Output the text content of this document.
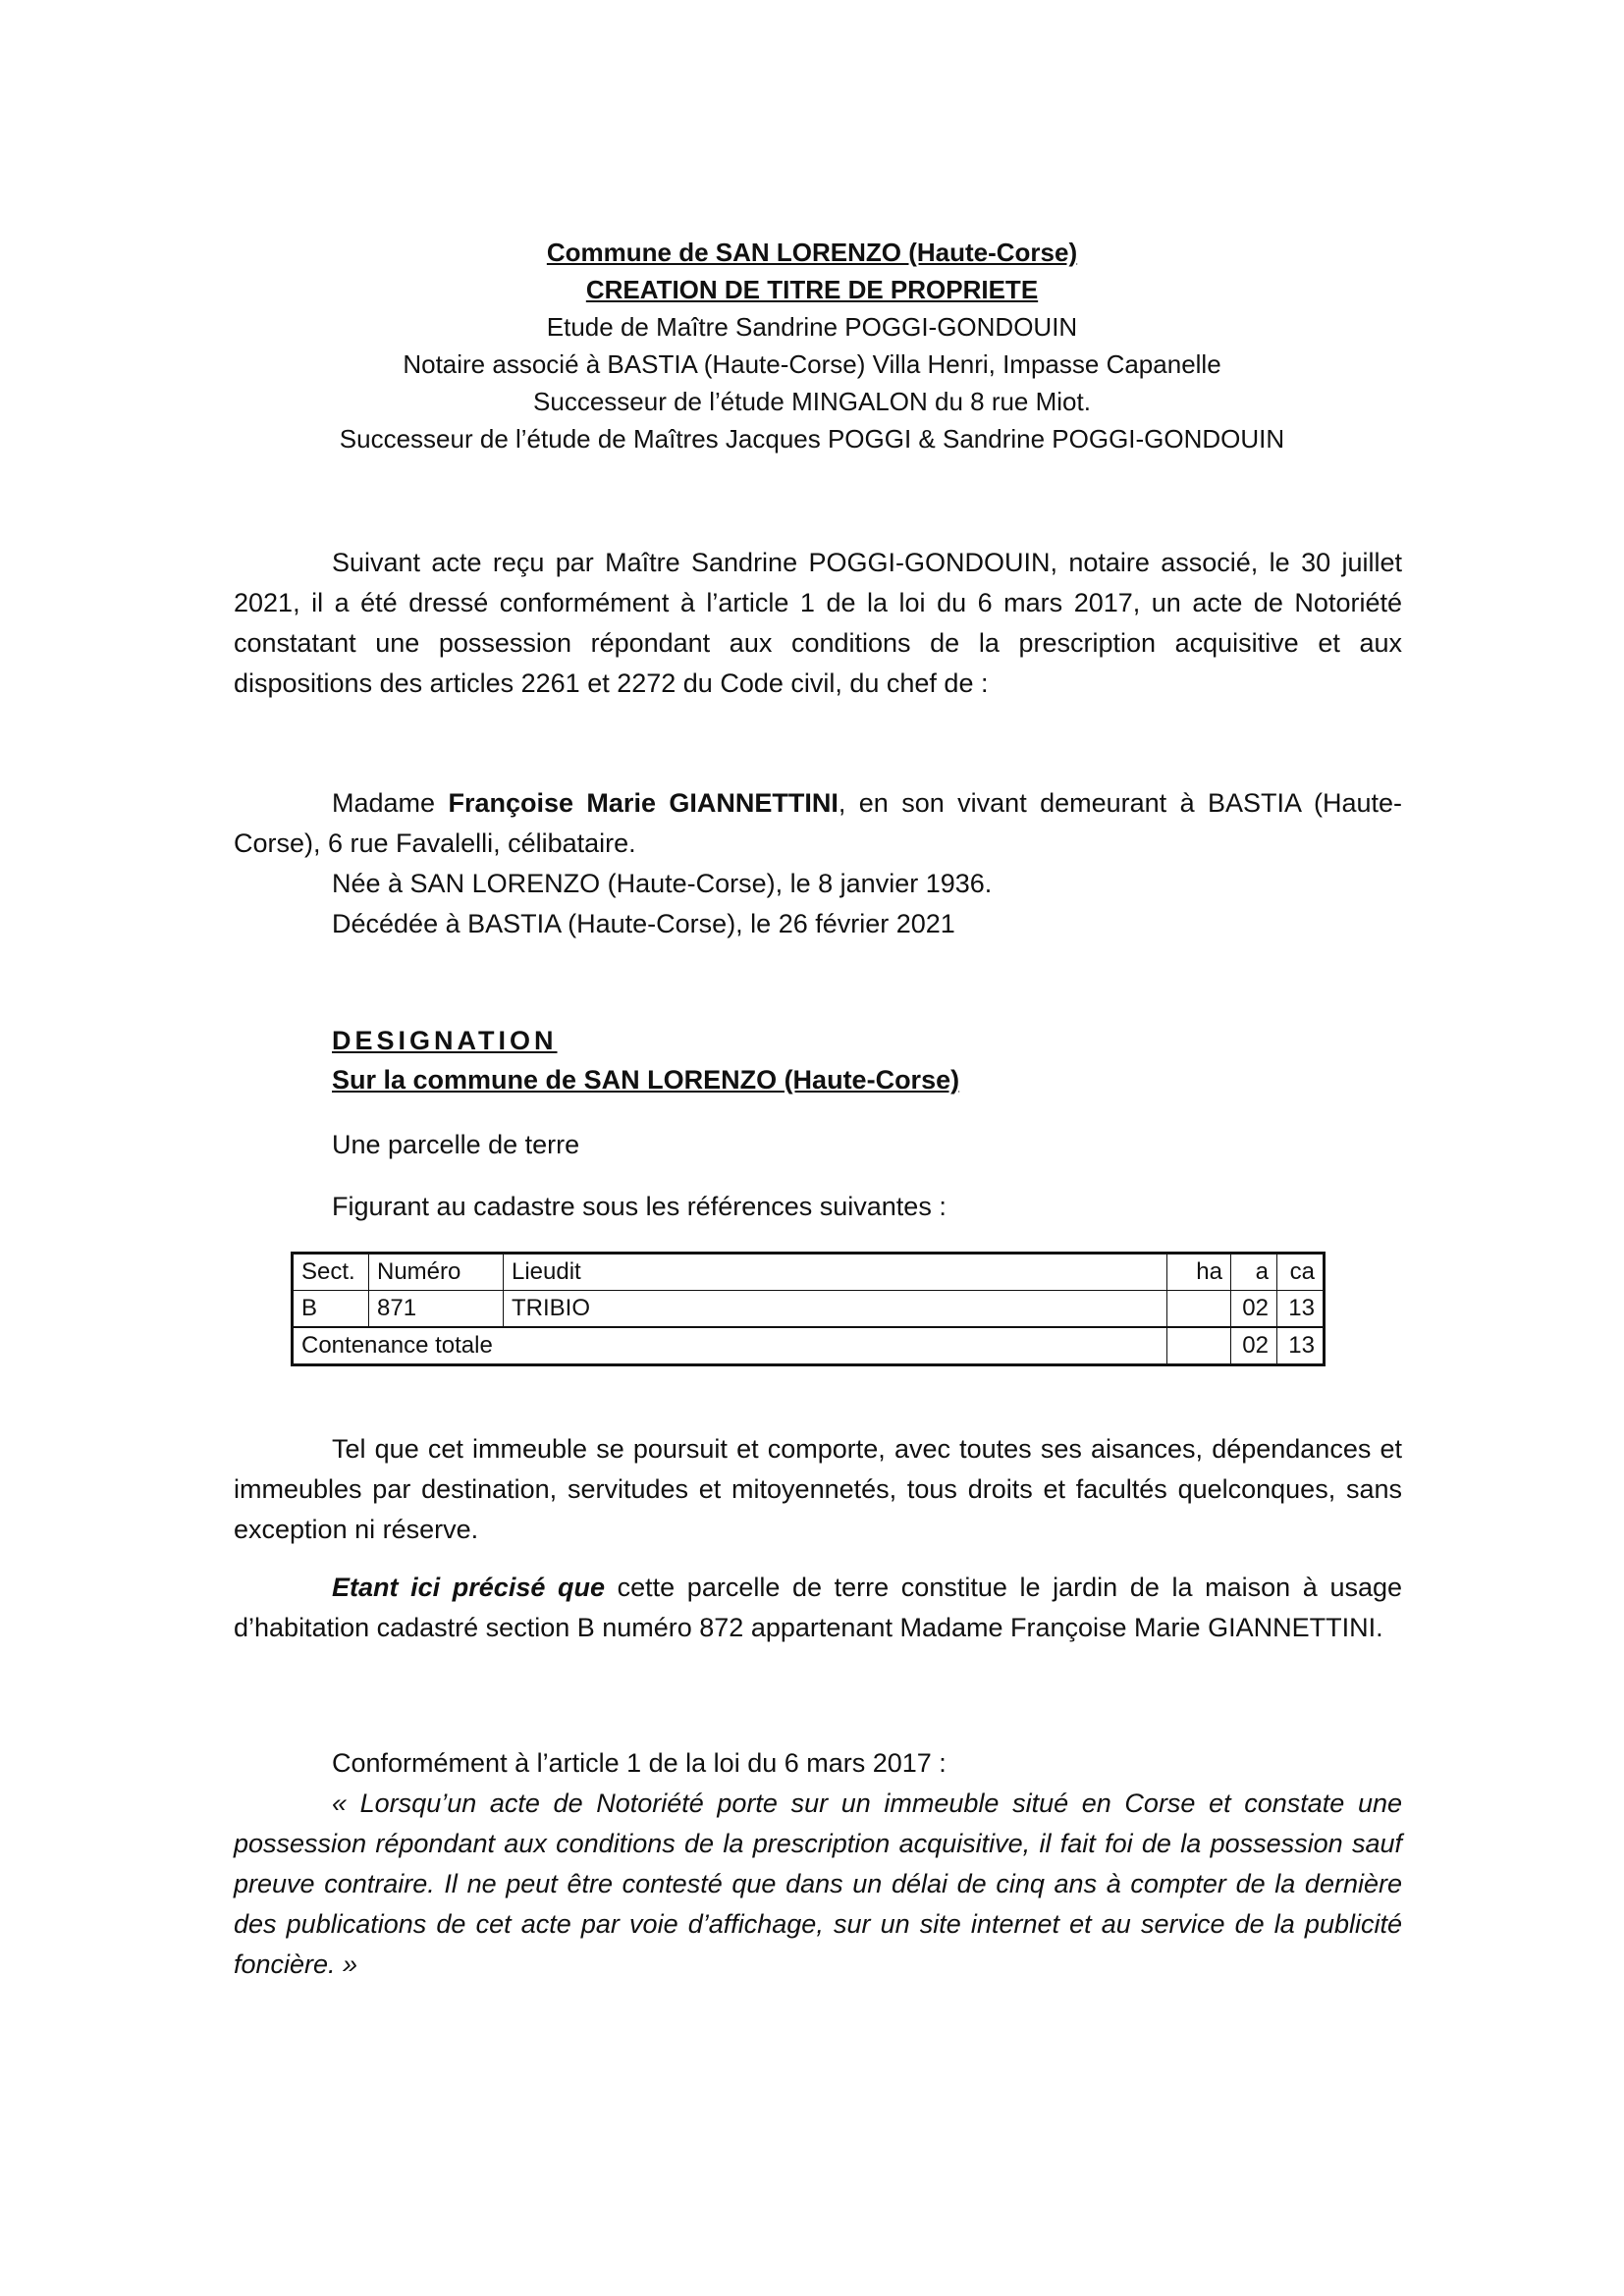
Commune de SAN LORENZO (Haute-Corse)
CREATION DE TITRE DE PROPRIETE
Etude de Maître Sandrine POGGI-GONDOUIN
Notaire associé à BASTIA (Haute-Corse) Villa Henri, Impasse Capanelle
Successeur de l’étude MINGALON du 8 rue Miot.
Successeur de l’étude de Maîtres Jacques POGGI & Sandrine POGGI-GONDOUIN
Suivant acte reçu par Maître Sandrine POGGI-GONDOUIN, notaire associé, le 30 juillet 2021, il a été dressé conformément à l’article 1 de la loi du 6 mars 2017, un acte de Notoriété constatant une possession répondant aux conditions de la prescription acquisitive et aux dispositions des articles 2261 et 2272 du Code civil, du chef de :
Madame Françoise Marie GIANNETTINI, en son vivant demeurant à BASTIA (Haute-Corse), 6 rue Favalelli, célibataire.
Née à SAN LORENZO (Haute-Corse), le 8 janvier 1936.
Décédée à BASTIA (Haute-Corse), le 26 février 2021
DESIGNATION
Sur la commune de SAN LORENZO (Haute-Corse)
Une parcelle de terre
Figurant au cadastre sous les références suivantes :
Sect.	Numéro	Lieudit	ha	a	ca
B	871	TRIBIO		02	13
Contenance totale				02	13
Tel que cet immeuble se poursuit et comporte, avec toutes ses aisances, dépendances et immeubles par destination, servitudes et mitoyennetés, tous droits et facultés quelconques, sans exception ni réserve.
Etant ici précisé que cette parcelle de terre constitue le jardin de la maison à usage d’habitation cadastré section B numéro 872 appartenant Madame Françoise Marie GIANNETTINI.
Conformément à l’article 1 de la loi du 6 mars 2017 :
« Lorsqu’un acte de Notoriété porte sur un immeuble situé en Corse et constate une possession répondant aux conditions de la prescription acquisitive, il fait foi de la possession sauf preuve contraire. Il ne peut être contesté que dans un délai de cinq ans à compter de la dernière des publications de cet acte par voie d’affichage, sur un site internet et au service de la publicité foncière. »
